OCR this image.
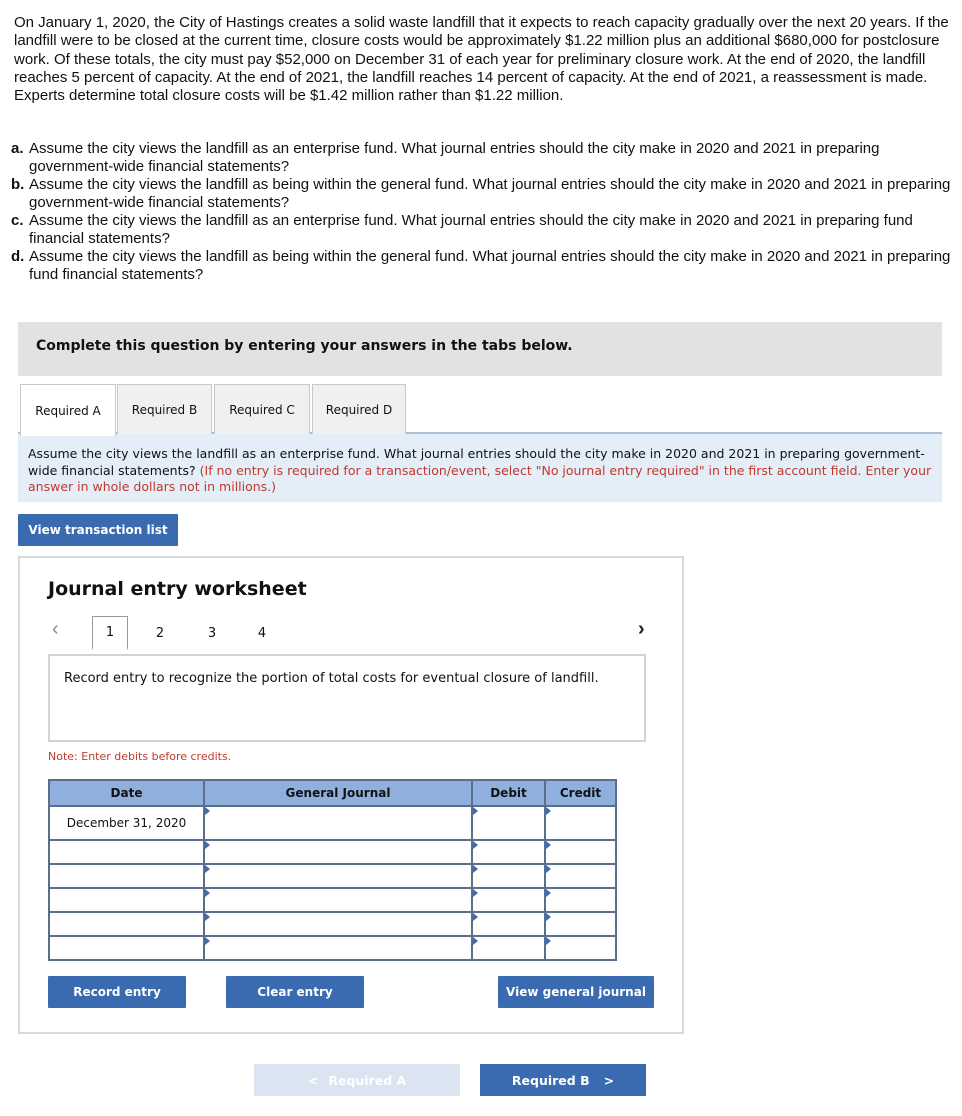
On January 1, 2020, the City of Hastings creates a solid waste landfill that it expects to reach capacity gradually over the next 20 years. If the landfill were to be closed at the current time, closure costs would be approximately $1.22 million plus an additional $680,000 for postclosure work. Of these totals, the city must pay $52,000 on December 31 of each year for preliminary closure work. At the end of 2020, the landfill reaches 5 percent of capacity. At the end of 2021, the landfill reaches 14 percent of capacity. At the end of 2021, a reassessment is made. Experts determine total closure costs will be $1.42 million rather than $1.22 million.
a. Assume the city views the landfill as an enterprise fund. What journal entries should the city make in 2020 and 2021 in preparing government-wide financial statements?
b. Assume the city views the landfill as being within the general fund. What journal entries should the city make in 2020 and 2021 in preparing government-wide financial statements?
c. Assume the city views the landfill as an enterprise fund. What journal entries should the city make in 2020 and 2021 in preparing fund financial statements?
d. Assume the city views the landfill as being within the general fund. What journal entries should the city make in 2020 and 2021 in preparing fund financial statements?
Complete this question by entering your answers in the tabs below.
Required A	Required B	Required C	Required D
Assume the city views the landfill as an enterprise fund. What journal entries should the city make in 2020 and 2021 in preparing government-wide financial statements? (If no entry is required for a transaction/event, select "No journal entry required" in the first account field. Enter your answer in whole dollars not in millions.)
View transaction list
Journal entry worksheet
‹	1	2	3	4	›
Record entry to recognize the portion of total costs for eventual closure of landfill.
Note: Enter debits before credits.
Date	General Journal	Debit	Credit
December 31, 2020			

Record entry	Clear entry	View general journal
< Required A	Required B >
